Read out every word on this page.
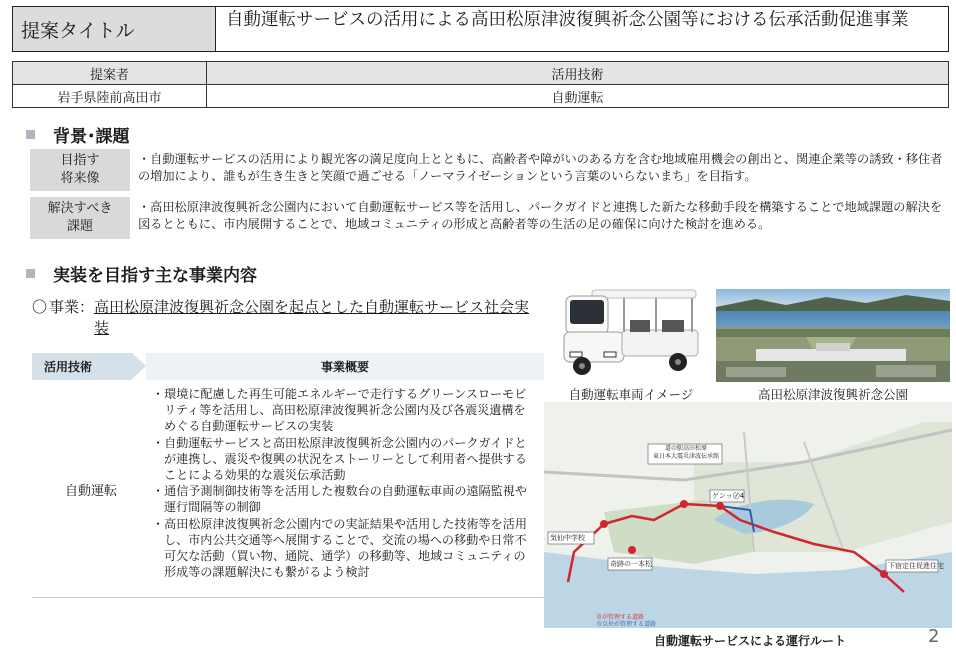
提案タイトル	自動運転サービスの活用による高田松原津波復興祈念公園等における伝承活動促進事業
提案者	活用技術
岩手県陸前高田市	自動運転
背景･課題
目指す
将来像
・自動運転サービスの活用により観光客の満足度向上とともに、高齢者や障がいのある方を含む地域雇用機会の創出と、関連企業等の誘致・移住者の増加により、誰もが生き生きと笑顔で過ごせる「ノーマライゼーションという言葉のいらないまち」を目指す。
解決すべき
課題
・高田松原津波復興祈念公園内において自動運転サービス等を活用し、パークガイドと連携した新たな移動手段を構築することで地域課題の解決を図るとともに、市内展開することで、地域コミュニティの形成と高齢者等の生活の足の確保に向けた検討を進める。
実装を目指す主な事業内容
〇 事業： 高田松原津波復興祈念公園を起点とした自動運転サービス社会実装
活用技術	事業概要
自動運転
・ 環境に配慮した再生可能エネルギーで走行するグリーンスローモビリティ等を活用し、高田松原津波復興祈念公園内及び各震災遺構をめぐる自動運転サービスの実装
・ 自動運転サービスと高田松原津波復興祈念公園内のパークガイドとが連携し、震災や復興の状況をストーリーとして利用者へ提供することによる効果的な震災伝承活動
・ 通信予測制御技術等を活用した複数台の自動運転車両の遠隔監視や運行間隔等の制御
・ 高田松原津波復興祈念公園内での実証結果や活用した技術等を活用し、市内公共交通等へ展開することで、交流の場への移動や日常不可欠な活動（買い物、通院、通学）の移動等、地域コミュニティの形成等の課題解決にも繋がるよう検討
自動運転車両イメージ	高田松原津波復興祈念公園
気仙中学校
奇跡の一本松
道の駅高田松原
東日本大震災津波伝承館
ゲンッ〄4
下宿定住促進住宅
市が管理する道路
市以外が管理する道路
自動運転サービスによる運行ルート	2
